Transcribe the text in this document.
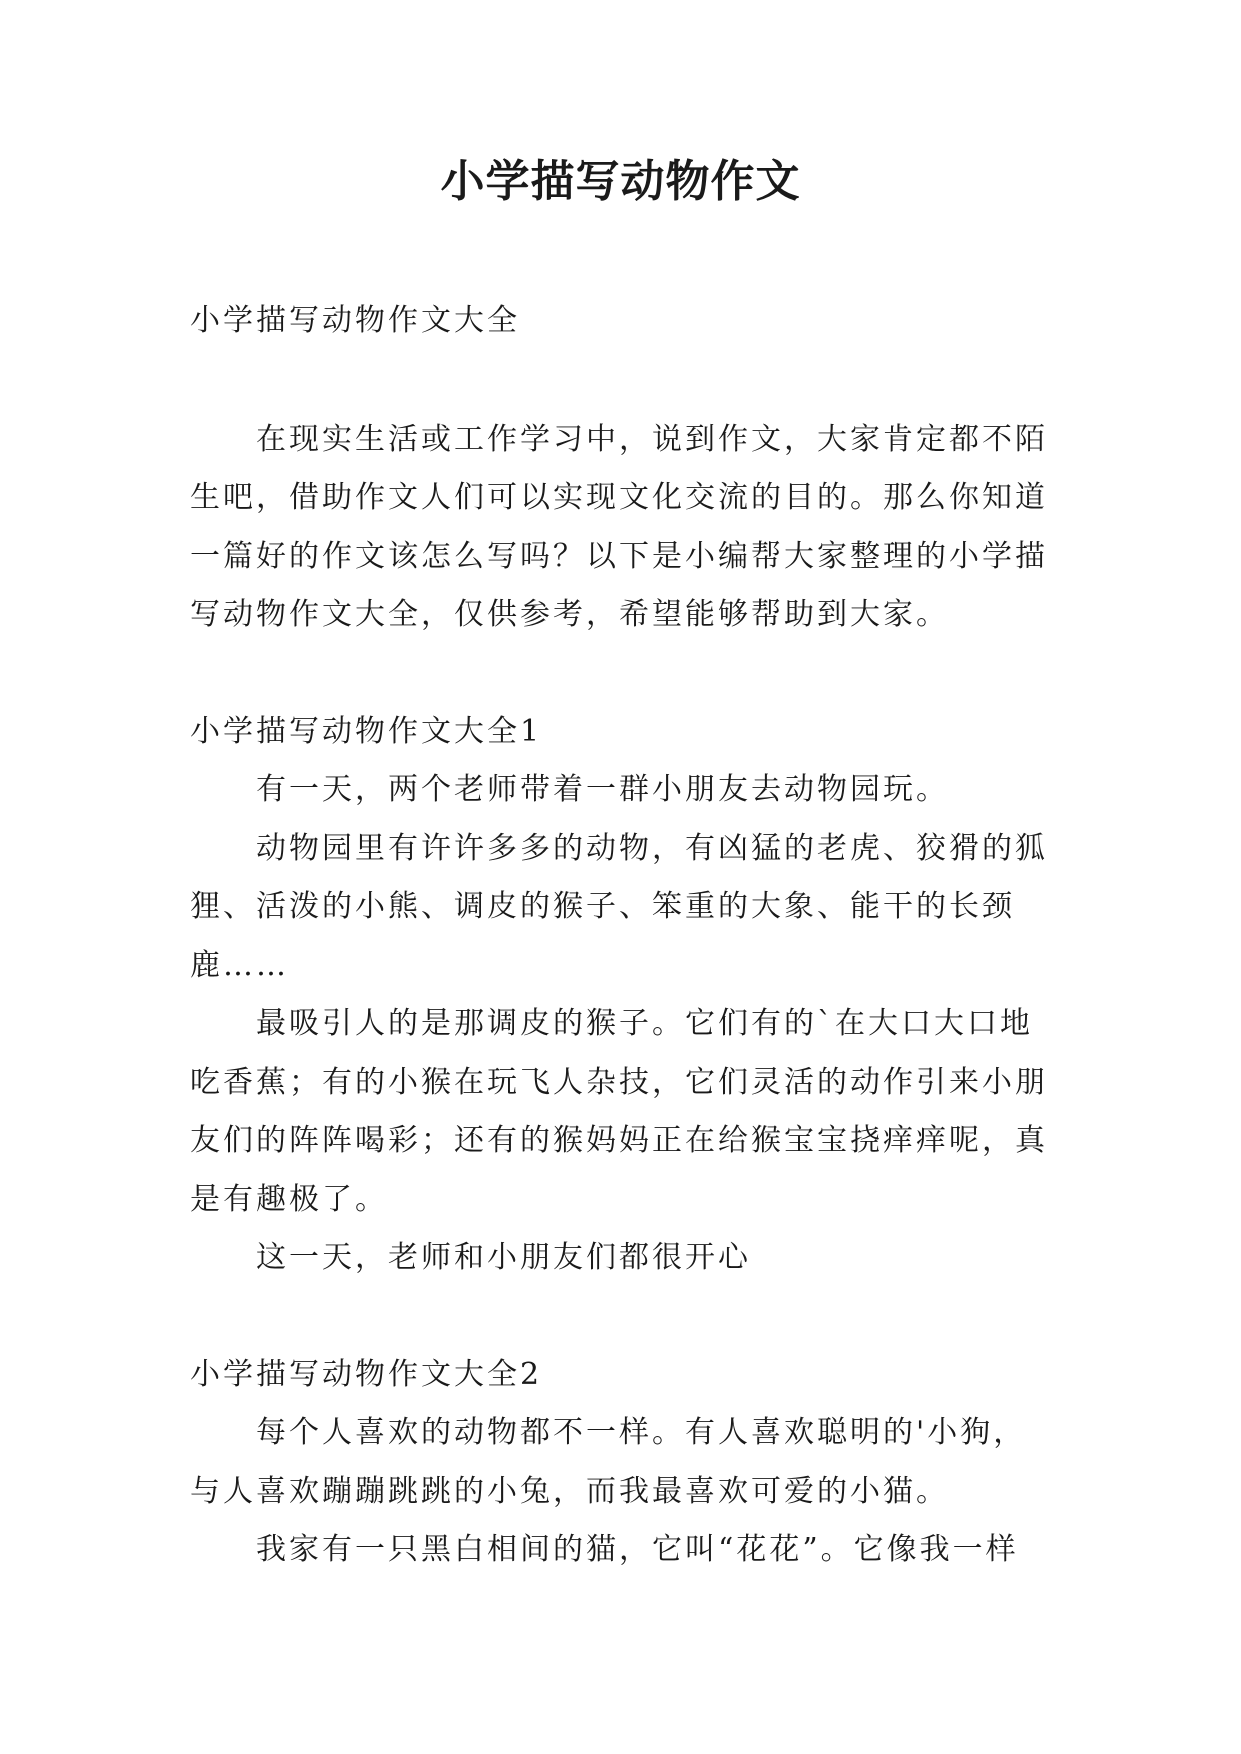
小学描写动物作文

小学描写动物作文大全

在现实生活或工作学习中，说到作文，大家肯定都不陌生吧，借助作文人们可以实现文化交流的目的。那么你知道一篇好的作文该怎么写吗？以下是小编帮大家整理的小学描写动物作文大全，仅供参考，希望能够帮助到大家。

小学描写动物作文大全1

有一天，两个老师带着一群小朋友去动物园玩。

动物园里有许许多多的动物，有凶猛的老虎、狡猾的狐狸、活泼的小熊、调皮的猴子、笨重的大象、能干的长颈鹿……

最吸引人的是那调皮的猴子。它们有的`在大口大口地吃香蕉；有的小猴在玩飞人杂技，它们灵活的动作引来小朋友们的阵阵喝彩；还有的猴妈妈正在给猴宝宝挠痒痒呢，真是有趣极了。

这一天，老师和小朋友们都很开心

小学描写动物作文大全2

每个人喜欢的动物都不一样。有人喜欢聪明的'小狗，与人喜欢蹦蹦跳跳的小兔，而我最喜欢可爱的小猫。

我家有一只黑白相间的猫，它叫“花花”。它像我一样
